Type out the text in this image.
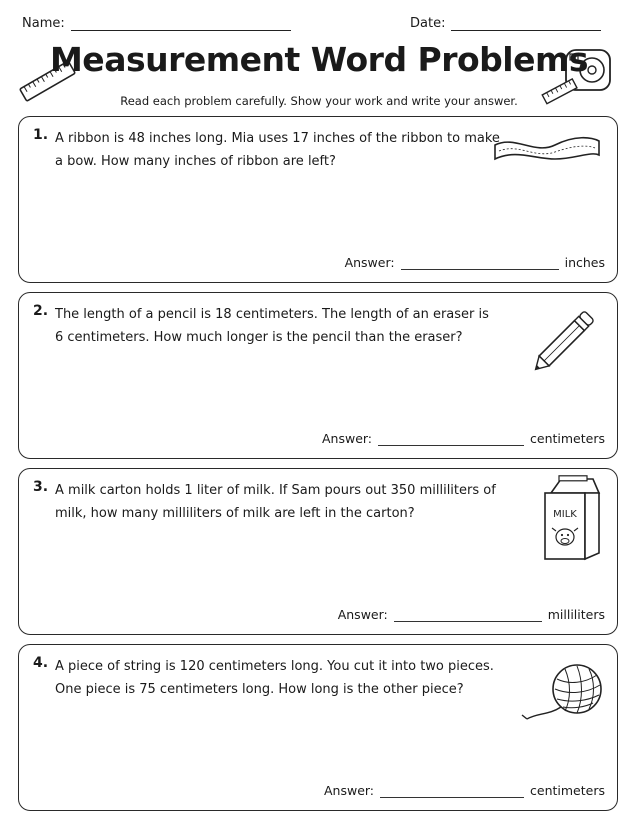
Name:	Date:
Measurement Word Problems
Read each problem carefully. Show your work and write your answer.
1. A ribbon is 48 inches long. Mia uses 17 inches of the ribbon to make a bow. How many inches of ribbon are left?
Answer:	inches
2. The length of a pencil is 18 centimeters. The length of an eraser is 6 centimeters. How much longer is the pencil than the eraser?
Answer:	centimeters
3. A milk carton holds 1 liter of milk. If Sam pours out 350 milliliters of milk, how many milliliters of milk are left in the carton?	MILK
Answer:	milliliters
4. A piece of string is 120 centimeters long. You cut it into two pieces. One piece is 75 centimeters long. How long is the other piece?
Answer:	centimeters
